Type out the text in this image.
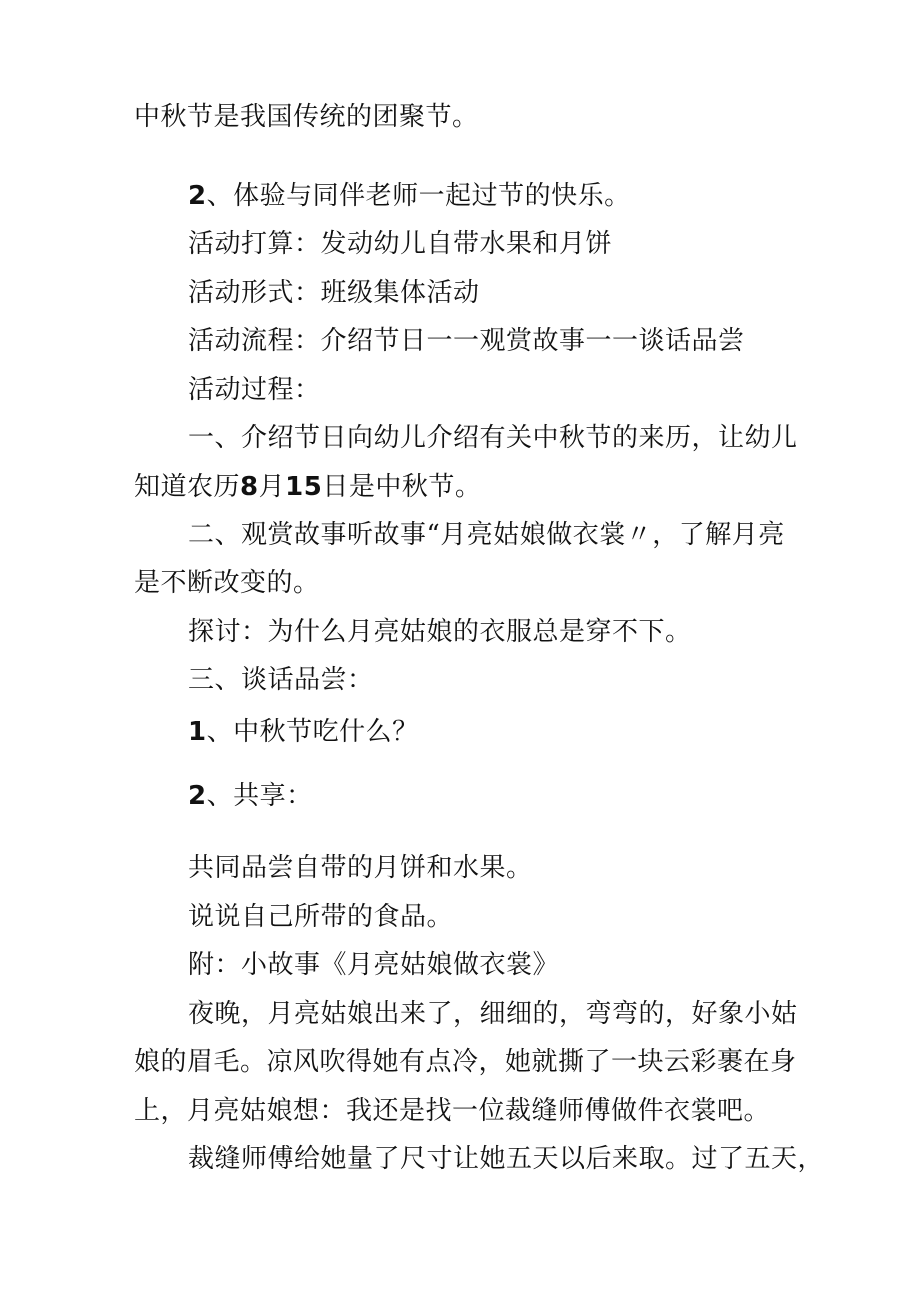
中秋节是我国传统的团聚节。
2、体验与同伴老师一起过节的快乐。
活动打算：发动幼儿自带水果和月饼
活动形式：班级集体活动
活动流程：介绍节日一一观赏故事一一谈话品尝
活动过程：
一、介绍节日向幼儿介绍有关中秋节的来历，让幼儿
知道农历8月15日是中秋节。
二、观赏故事听故事“月亮姑娘做衣裳〃，了解月亮
是不断改变的。
探讨：为什么月亮姑娘的衣服总是穿不下。
三、谈话品尝：
1、中秋节吃什么？
2、共享：
共同品尝自带的月饼和水果。
说说自己所带的食品。
附：小故事《月亮姑娘做衣裳》
夜晚，月亮姑娘出来了，细细的，弯弯的，好象小姑
娘的眉毛。凉风吹得她有点冷，她就撕了一块云彩裹在身
上，月亮姑娘想：我还是找一位裁缝师傅做件衣裳吧。
裁缝师傅给她量了尺寸让她五天以后来取。过了五天，
